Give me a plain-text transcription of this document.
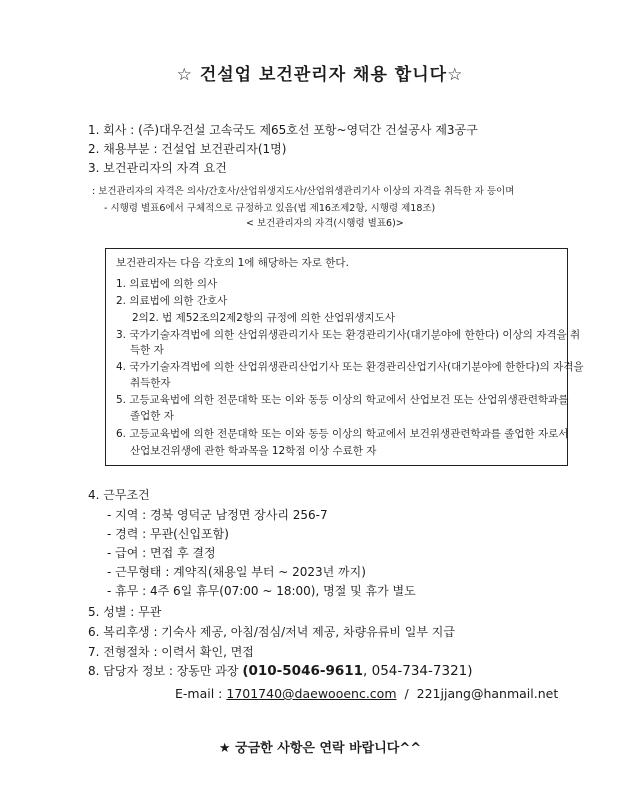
☆ 건설업 보건관리자 채용 합니다☆
1. 회사 : (주)대우건설 고속국도 제65호선 포항~영덕간 건설공사 제3공구
2. 채용부분 : 건설업 보건관리자(1명)
3. 보건관리자의 자격 요건
: 보건관리자의 자격은 의사/간호사/산업위생지도사/산업위생관리기사 이상의 자격을 취득한 자 등이며
- 시행령 별표6에서 구체적으로 규정하고 있음(법 제16조제2항, 시행령 제18조)
< 보건관리자의 자격(시행령 별표6)>
보건관리자는 다음 각호의 1에 해당하는 자로 한다.
1. 의료법에 의한 의사
2. 의료법에 의한 간호사
2의2. 법 제52조의2제2항의 규정에 의한 산업위생지도사
3. 국가기술자격법에 의한 산업위생관리기사 또는 환경관리기사(대기분야에 한한다) 이상의 자격을 취
득한 자
4. 국가기술자격법에 의한 산업위생관리산업기사 또는 환경관리산업기사(대기분야에 한한다)의 자격을
취득한자
5. 고등교육법에 의한 전문대학 또는 이와 동등 이상의 학교에서 산업보건 또는 산업위생관련학과를
졸업한 자
6. 고등교육법에 의한 전문대학 또는 이와 동등 이상의 학교에서 보건위생관련학과를 졸업한 자로서
산업보건위생에 관한 학과목을 12학점 이상 수료한 자
4. 근무조건
- 지역 : 경북 영덕군 남정면 장사리 256-7
- 경력 : 무관(신입포함)
- 급여 : 면접 후 결정
- 근무형태 : 계약직(채용일 부터 ~ 2023년 까지)
- 휴무 : 4주 6일 휴무(07:00 ~ 18:00), 명절 및 휴가 별도
5. 성별 : 무관
6. 복리후생 : 기숙사 제공, 아침/점심/저녁 제공, 차량유류비 일부 지급
7. 전형절차 : 이력서 확인, 면접
8. 담당자 정보 : 장동만 과장 (010-5046-9611, 054-734-7321)
E-mail : 1701740@daewooenc.com / 221jjang@hanmail.net
★ 궁금한 사항은 연락 바랍니다^^
